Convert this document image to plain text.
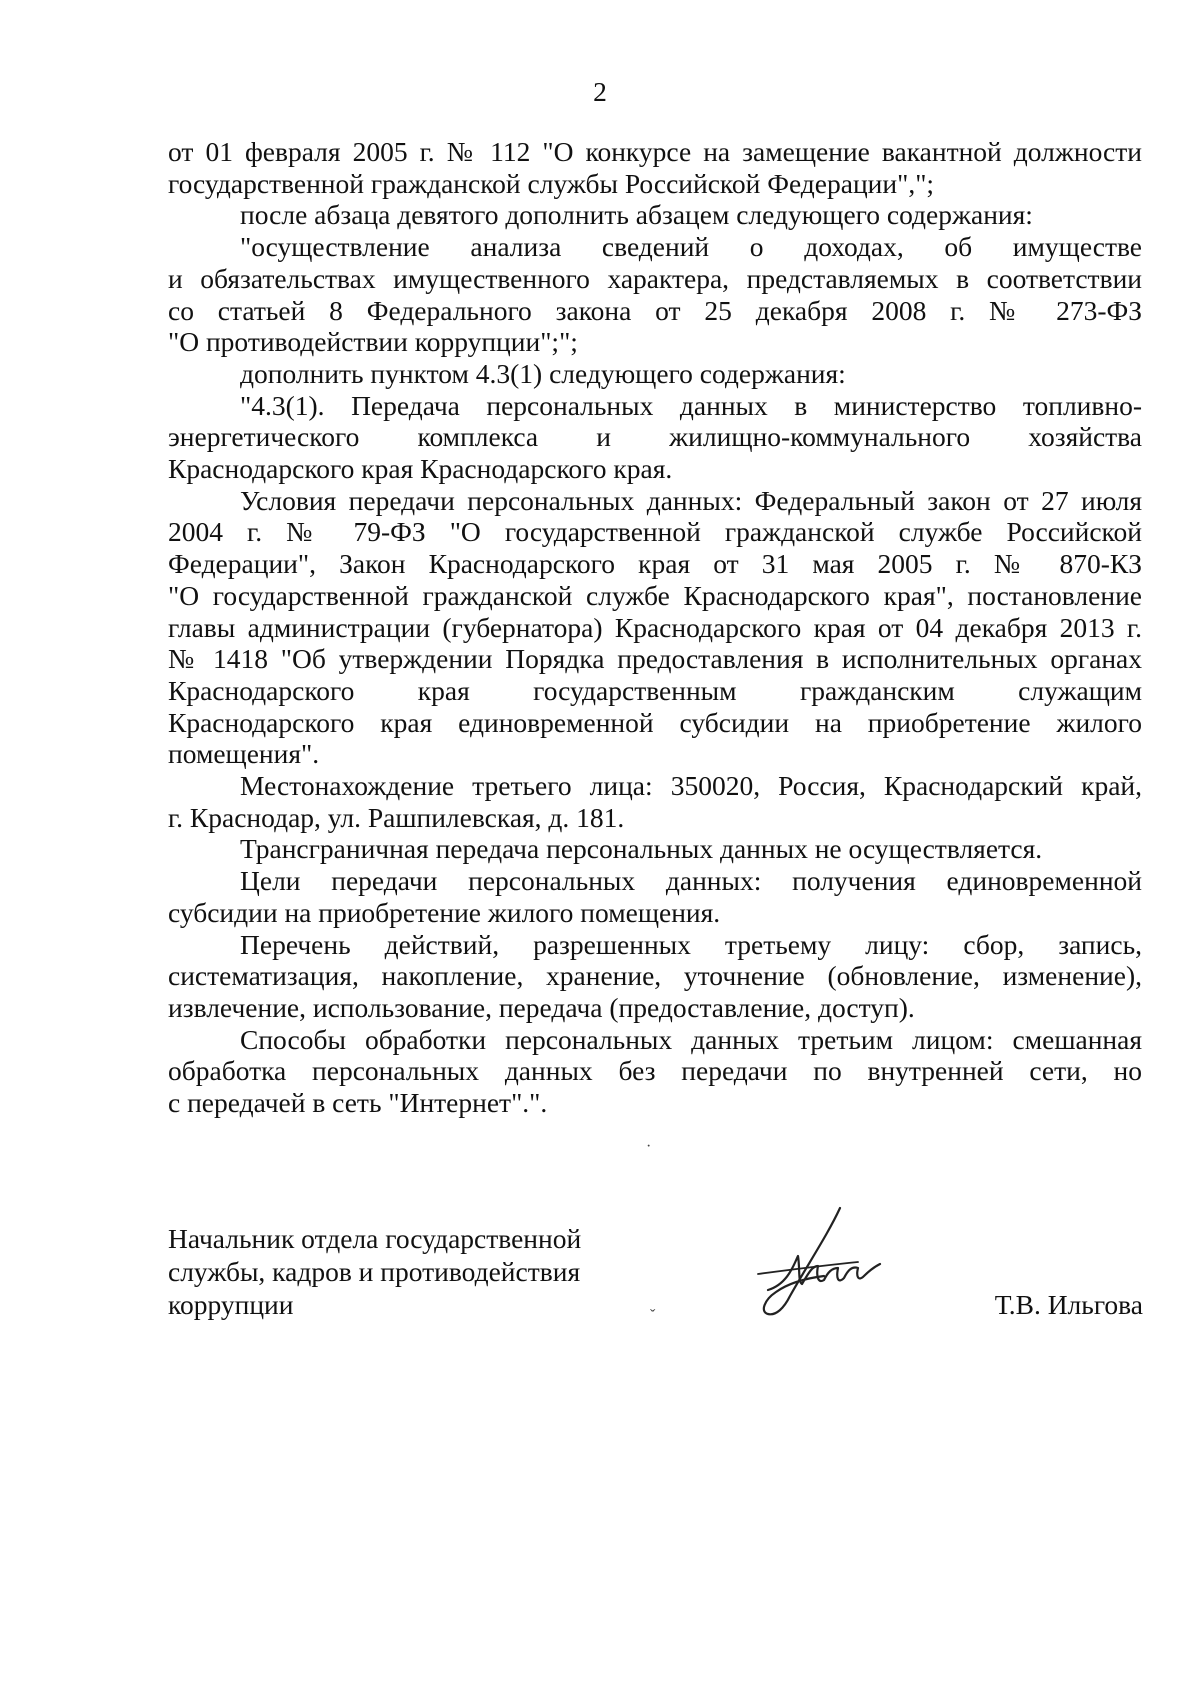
2

от 01 февраля 2005 г. № 112 "О конкурсе на замещение вакантной должности
государственной гражданской службы Российской Федерации",";

после абзаца девятого дополнить абзацем следующего содержания:

"осуществление анализа сведений о доходах, об имуществе
и обязательствах имущественного характера, представляемых в соответствии
со статьей 8 Федерального закона от 25 декабря 2008 г. № 273-ФЗ
"О противодействии коррупции";";

дополнить пунктом 4.3(1) следующего содержания:

"4.3(1). Передача персональных данных в министерство топливно-
энергетического комплекса и жилищно-коммунального хозяйства
Краснодарского края Краснодарского края.

Условия передачи персональных данных: Федеральный закон от 27 июля
2004 г. № 79-ФЗ "О государственной гражданской службе Российской
Федерации", Закон Краснодарского края от 31 мая 2005 г. № 870-КЗ
"О государственной гражданской службе Краснодарского края", постановление
главы администрации (губернатора) Краснодарского края от 04 декабря 2013 г.
№ 1418 "Об утверждении Порядка предоставления в исполнительных органах
Краснодарского края государственным гражданским служащим
Краснодарского края единовременной субсидии на приобретение жилого
помещения".

Местонахождение третьего лица: 350020, Россия, Краснодарский край,
г. Краснодар, ул. Рашпилевская, д. 181.

Трансграничная передача персональных данных не осуществляется.

Цели передачи персональных данных: получения единовременной
субсидии на приобретение жилого помещения.

Перечень действий, разрешенных третьему лицу: сбор, запись,
систематизация, накопление, хранение, уточнение (обновление, изменение),
извлечение, использование, передача (предоставление, доступ).

Способы обработки персональных данных третьим лицом: смешанная
обработка персональных данных без передачи по внутренней сети, но
с передачей в сеть "Интернет".".

·
Начальник отдела государственной
службы, кадров и противодействия
коррупции	Т.В. Ильгова
ˇ
